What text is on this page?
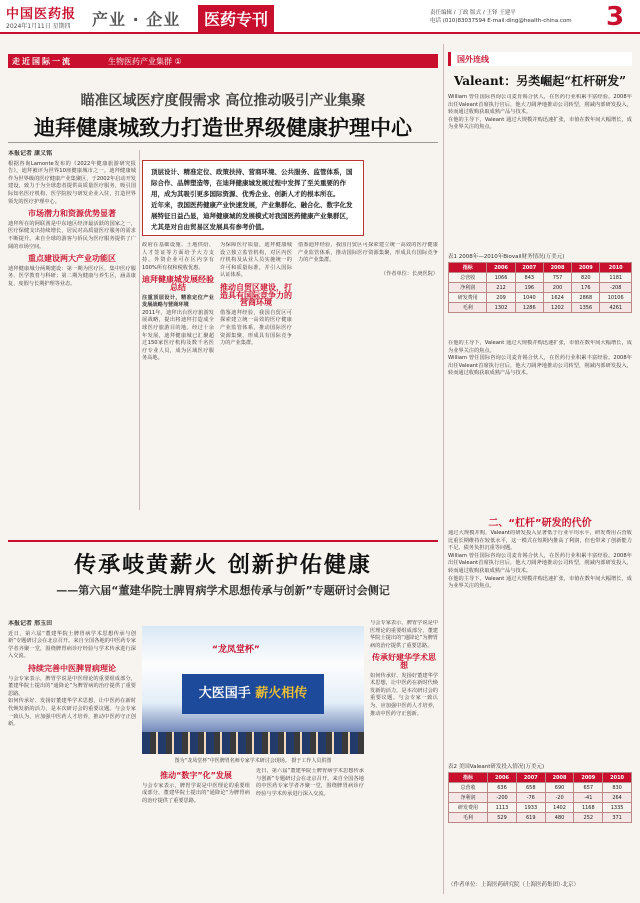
中国医药报
2024年1月11日 星期四 产业 · 企业	医药专刊	责任编辑 / 丁政 版式 / 王铎 王建平
电话 (010)83037594 E-mail:ding@health-china.com 3
走近国际一流	生物医药产业集群 ①
瞄准区域医疗度假需求 高位推动吸引产业集聚
迪拜健康城致力打造世界级健康护理中心
本报记者 康义铭

根据咨询Lamonte发布的《2022年健康旅游研究报告》，迪拜被评为世界10座健康城市之一。迪拜健康城作为世界级的医疗健康产业集聚区，于2002年启动开发建设，致力于为全球患者提供高质量医疗服务，吸引国际知名医疗机构、医学院校与研发企业入驻，打造世界领先的医疗护理中心。

市场潜力和资源优势显著

迪拜所在的阿联酋是中东地区经济最活跃的国家之一，医疗保健支出持续增长，居民对高质量医疗服务的需求不断提升。来自全球的游客与侨民为医疗服务提供了广阔的市场空间。

重点建设两大产业功能区

迪拜健康城分两期建设：第一期为医疗区，集中医疗服务、医学教育与科研；第二期为健康与养生区，涵盖康复、度假与长期护理等业态。

顶层设计、精准定位、政策扶持、营商环境、公共服务、监管体系，国际合作、品牌塑造等，在迪拜健康城发展过程中发挥了至关重要的作用，成为其吸引更多国际资源、优秀企业、创新人才的根本所在。　　近年来，我国医药健康产业快速发展，产业集群化、融合化、数字化发展特征日益凸显，迪拜健康城的发展模式对我国医药健康产业集群区，尤其是对自由贸易区发展具有参考价值。

政府在基础设施、土地供给、人才签证等方面给予大力支持，外资企业可在区内享有100%所有权和税收优惠。

迪拜健康城发展经验总结

注重顶层设计，精准定位产业发展战略与营商环境

2011年，迪拜出台医疗旅游发展战略，提出将迪拜打造成全球医疗旅游目的地。经过十余年发展，迪拜健康城已汇聚超过150家医疗机构及数千名医疗专业人员，成为区域医疗服务高地。

为保障医疗质量，迪拜健康城设立独立监管机构，对区内医疗机构及从业人员实施统一的许可和质量标准，并引入国际认证体系。

推动自贸区建设，打造具有国际竞争力的营商环境

借鉴迪拜经验，我国自贸区可探索建立统一高效的医疗健康产业监管体系，推动国际医疗资源集聚，形成具有国际竞争力的产业集群。

借鉴迪拜经验，我国自贸区可探索建立统一高效的医疗健康产业监管体系，推动国际医疗资源集聚，形成具有国际竞争力的产业集群。

（作者单位：长庚医院）

国外连线
Valeant：另类崛起“杠杆研发”

William 曾任国际咨询公司麦肯锡合伙人，在医药行业积累丰富经验。2008年出任Valeant首席执行官后，他大刀阔斧地推动公司转型，削减内部研发投入，转而通过收购获取成熟产品与技术。

在他的主导下，Valeant 通过大规模并购迅速扩张，市值在数年间大幅增长，成为业界关注的焦点。

表1 2008年—2010年Biovail财务情况(万美元)
指标	2006	2007	2008	2009	2010
总营收	1066	843	757	820	1181
净利润	212	196	200	176	-208
研发费用	209	1040	1624	2868	10106
毛利	1302	1286	1202	1356	4261

在他的主导下，Valeant 通过大规模并购迅速扩张，市值在数年间大幅增长，成为业界关注的焦点。

William 曾任国际咨询公司麦肯锡合伙人，在医药行业积累丰富经验。2008年出任Valeant首席执行官后，他大刀阔斧地推动公司转型，削减内部研发投入，转而通过收购获取成熟产品与技术。

二、“杠杆”研发的代价

通过大规模并购，Valeant的研发投入显著低于行业平均水平，研发费用占营收比重长期维持在较低水平，这一模式在短期内推高了利润，但也带来了创新能力不足、债务负担沉重等问题。

William 曾任国际咨询公司麦肯锡合伙人，在医药行业积累丰富经验。2008年出任Valeant首席执行官后，他大刀阔斧地推动公司转型，削减内部研发投入，转而通过收购获取成熟产品与技术。

在他的主导下，Valeant 通过大规模并购迅速扩张，市值在数年间大幅增长，成为业界关注的焦点。

表2 美国Valeant研发投入情况(万美元)
指标	2006	2007	2008	2009	2010
总营收	636	658	690	657	830
净利润	-200	-76	-20	-41	264
研发费用	1113	1933	1402	1168	1335
毛利	529	619	480	252	371
（作者单位：上海医药研究院（上海医药集团）·北京）
传承岐黄薪火 创新护佑健康
——第六届“董建华院士脾胃病学术思想传承与创新”专题研讨会侧记
本报记者 邢玉田

近日，第六届“董建华院士脾胃病学术思想传承与创新”专题研讨会在北京召开。来自全国各地的中医药专家学者齐聚一堂，围绕脾胃病诊疗经验与学术传承进行深入交流。

持续完善中医脾胃病理论

与会专家表示，脾胃学说是中医理论的重要组成部分，董建华院士提出的“通降论”为脾胃病的治疗提供了重要思路。

如何传承好、发扬好董建华学术思想，让中医药在新时代焕发新的活力，是本次研讨会的重要议题。与会专家一致认为，应加强中医药人才培养，推动中医药守正创新。

“龙凤堂杯”
大医国手 薪火相传
图为“龙凤堂杯”中医脾胃名师专家学术研讨会现场。 摄于工作人员供图
推动“数字”化”发展

与会专家表示，脾胃学说是中医理论的重要组成部分，董建华院士提出的“通降论”为脾胃病的治疗提供了重要思路。

近日，第六届“董建华院士脾胃病学术思想传承与创新”专题研讨会在北京召开。来自全国各地的中医药专家学者齐聚一堂，围绕脾胃病诊疗经验与学术传承进行深入交流。

与会专家表示，脾胃学说是中医理论的重要组成部分，董建华院士提出的“通降论”为脾胃病的治疗提供了重要思路。

传承好建华学术思想

如何传承好、发扬好董建华学术思想，让中医药在新时代焕发新的活力，是本次研讨会的重要议题。与会专家一致认为，应加强中医药人才培养，推动中医药守正创新。
